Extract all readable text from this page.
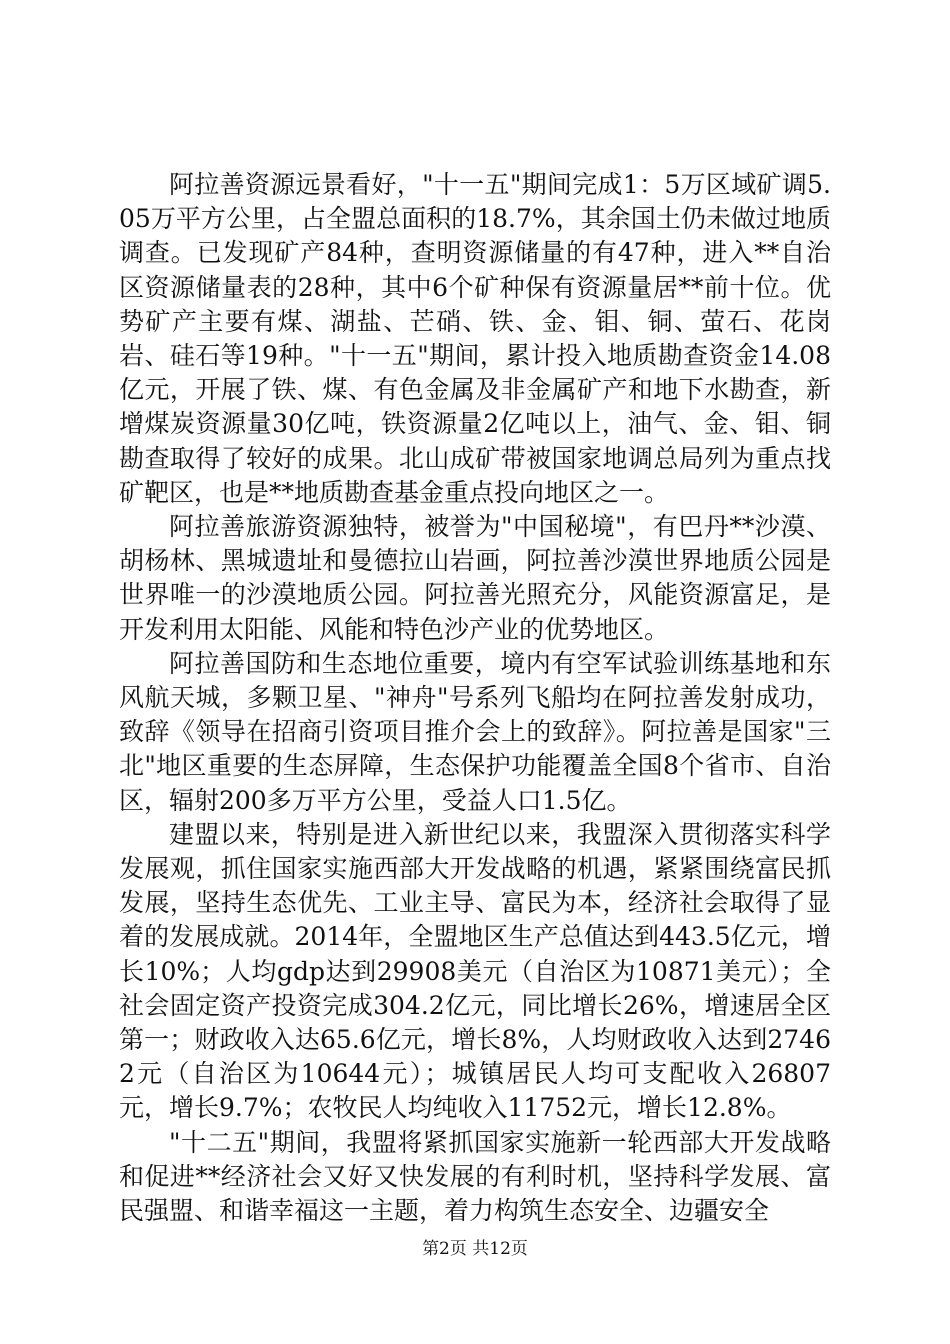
阿拉善资源远景看好，"十一五"期间完成1：5万区域矿调5.05万平方公里，占全盟总面积的18.7%，其余国土仍未做过地质调查。已发现矿产84种，查明资源储量的有47种，进入**自治区资源储量表的28种，其中6个矿种保有资源量居**前十位。优势矿产主要有煤、湖盐、芒硝、铁、金、钼、铜、萤石、花岗岩、硅石等19种。"十一五"期间，累计投入地质勘查资金14.08亿元，开展了铁、煤、有色金属及非金属矿产和地下水勘查，新增煤炭资源量30亿吨，铁资源量2亿吨以上，油气、金、钼、铜勘查取得了较好的成果。北山成矿带被国家地调总局列为重点找矿靶区，也是**地质勘查基金重点投向地区之一。

阿拉善旅游资源独特，被誉为"中国秘境"，有巴丹**沙漠、胡杨林、黑城遗址和曼德拉山岩画，阿拉善沙漠世界地质公园是世界唯一的沙漠地质公园。阿拉善光照充分，风能资源富足，是开发利用太阳能、风能和特色沙产业的优势地区。

阿拉善国防和生态地位重要，境内有空军试验训练基地和东风航天城，多颗卫星、"神舟"号系列飞船均在阿拉善发射成功，致辞《领导在招商引资项目推介会上的致辞》。阿拉善是国家"三北"地区重要的生态屏障，生态保护功能覆盖全国8个省市、自治区，辐射200多万平方公里，受益人口1.5亿。

建盟以来，特别是进入新世纪以来，我盟深入贯彻落实科学发展观，抓住国家实施西部大开发战略的机遇，紧紧围绕富民抓发展，坚持生态优先、工业主导、富民为本，经济社会取得了显着的发展成就。2014年，全盟地区生产总值达到443.5亿元，增长10%；人均gdp达到29908美元（自治区为10871美元）；全社会固定资产投资完成304.2亿元，同比增长26%，增速居全区第一；财政收入达65.6亿元，增长8%，人均财政收入达到27462元（自治区为10644元）；城镇居民人均可支配收入26807元，增长9.7%；农牧民人均纯收入11752元，增长12.8%。

"十二五"期间，我盟将紧抓国家实施新一轮西部大开发战略和促进**经济社会又好又快发展的有利时机，坚持科学发展、富民强盟、和谐幸福这一主题，着力构筑生态安全、边疆安全

第2页 共12页
